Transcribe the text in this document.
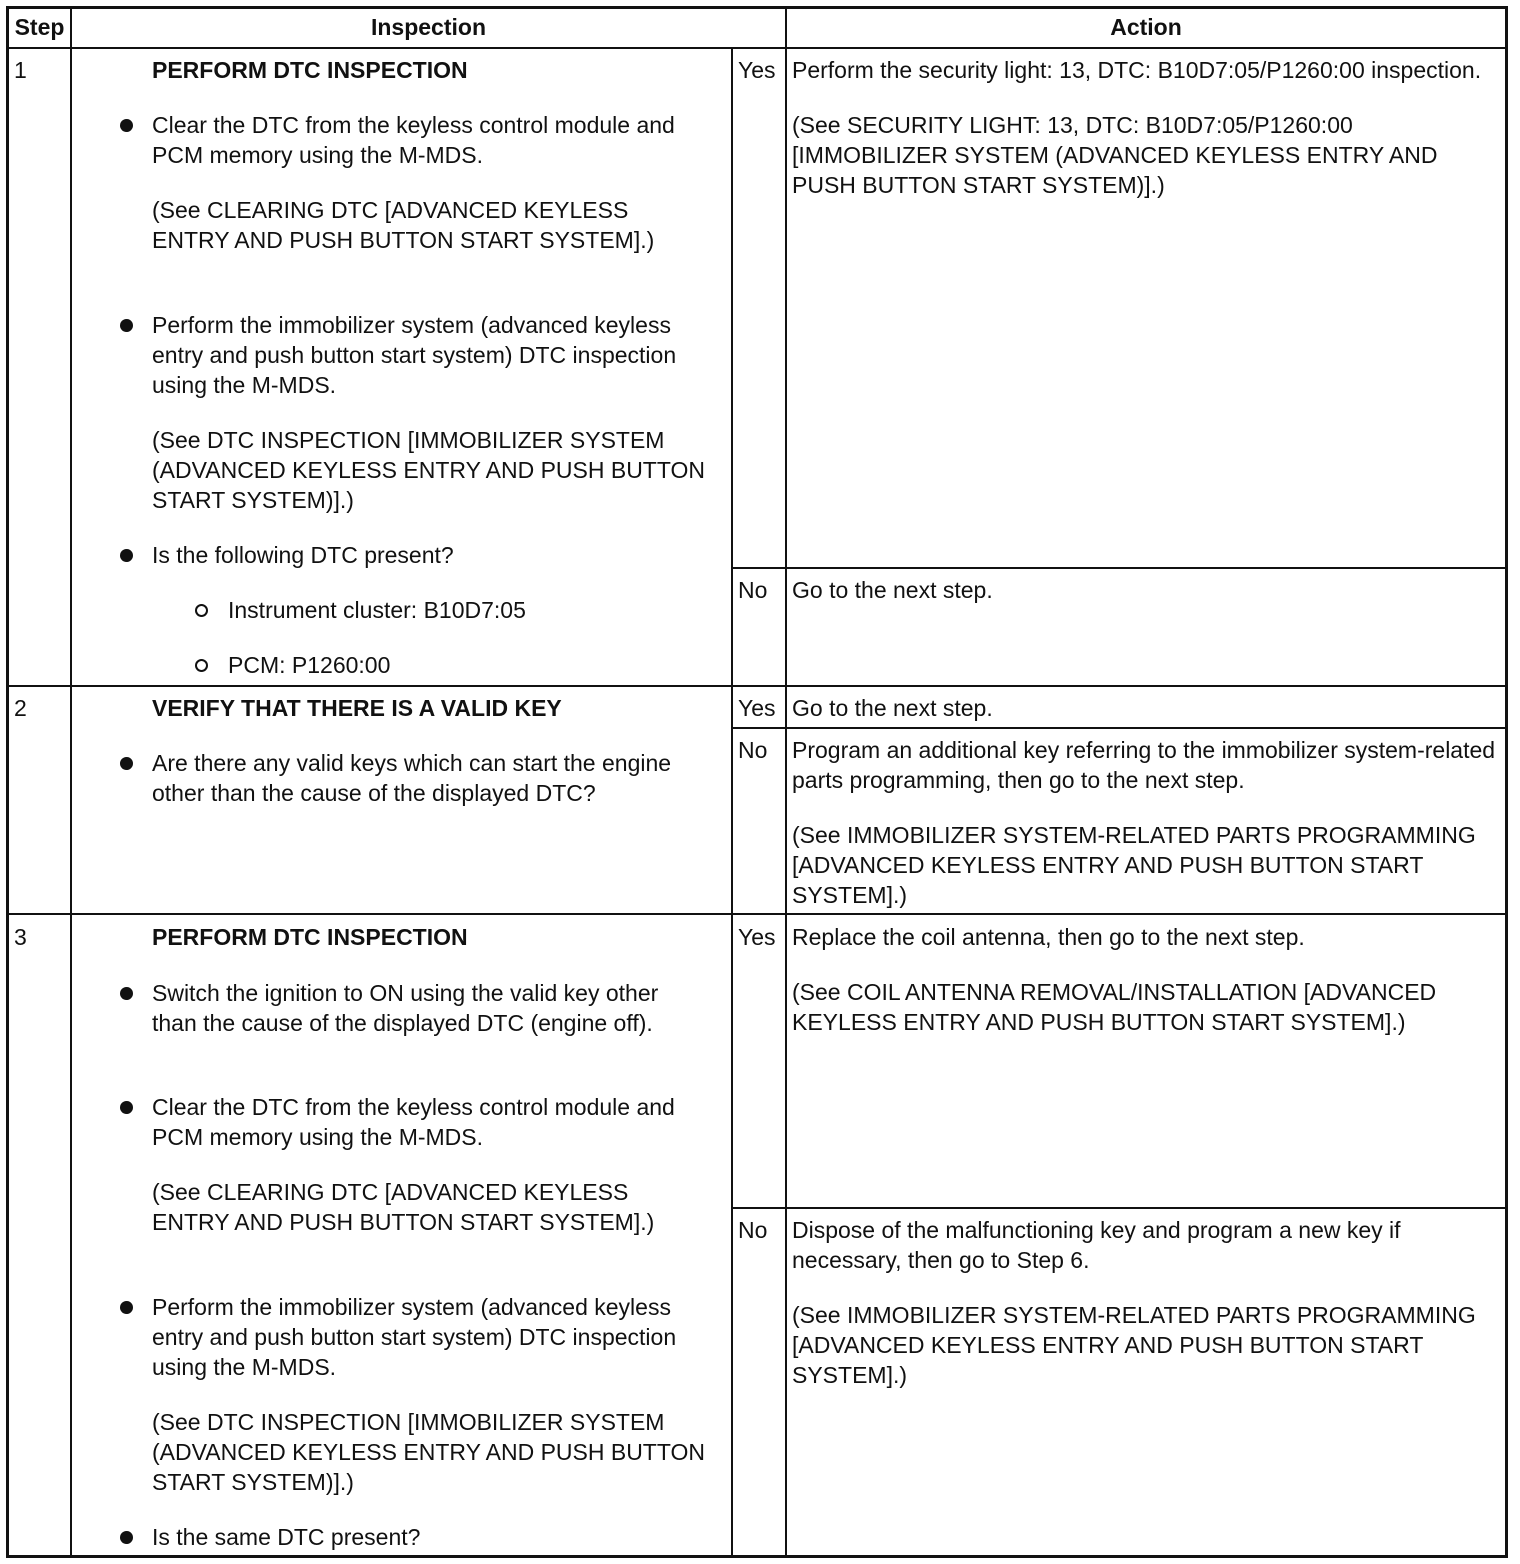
Step	Inspection	Action
1	PERFORM DTC INSPECTION
Clear the DTC from the keyless control module and PCM memory using the M-MDS.
(See CLEARING DTC [ADVANCED KEYLESS ENTRY AND PUSH BUTTON START SYSTEM].)
Perform the immobilizer system (advanced keyless entry and push button start system) DTC inspection using the M-MDS.
(See DTC INSPECTION [IMMOBILIZER SYSTEM (ADVANCED KEYLESS ENTRY AND PUSH BUTTON START SYSTEM)].)
Is the following DTC present?
Instrument cluster: B10D7:05
PCM: P1260:00
Yes Perform the security light: 13, DTC: B10D7:05/P1260:00 inspection.

(See SECURITY LIGHT: 13, DTC: B10D7:05/P1260:00 [IMMOBILIZER SYSTEM (ADVANCED KEYLESS ENTRY AND PUSH BUTTON START SYSTEM)].)

No Go to the next step.

2	VERIFY THAT THERE IS A VALID KEY
Are there any valid keys which can start the engine other than the cause of the displayed DTC?
Yes Go to the next step.

No Program an additional key referring to the immobilizer system-related parts programming, then go to the next step.

(See IMMOBILIZER SYSTEM-RELATED PARTS PROGRAMMING [ADVANCED KEYLESS ENTRY AND PUSH BUTTON START SYSTEM].)

3	PERFORM DTC INSPECTION
Switch the ignition to ON using the valid key other than the cause of the displayed DTC (engine off).
Clear the DTC from the keyless control module and PCM memory using the M-MDS.
(See CLEARING DTC [ADVANCED KEYLESS ENTRY AND PUSH BUTTON START SYSTEM].)
Perform the immobilizer system (advanced keyless entry and push button start system) DTC inspection using the M-MDS.
(See DTC INSPECTION [IMMOBILIZER SYSTEM (ADVANCED KEYLESS ENTRY AND PUSH BUTTON START SYSTEM)].)
Is the same DTC present?
Yes Replace the coil antenna, then go to the next step.

(See COIL ANTENNA REMOVAL/INSTALLATION [ADVANCED KEYLESS ENTRY AND PUSH BUTTON START SYSTEM].)

No Dispose of the malfunctioning key and program a new key if necessary, then go to Step 6.

(See IMMOBILIZER SYSTEM-RELATED PARTS PROGRAMMING [ADVANCED KEYLESS ENTRY AND PUSH BUTTON START SYSTEM].)
